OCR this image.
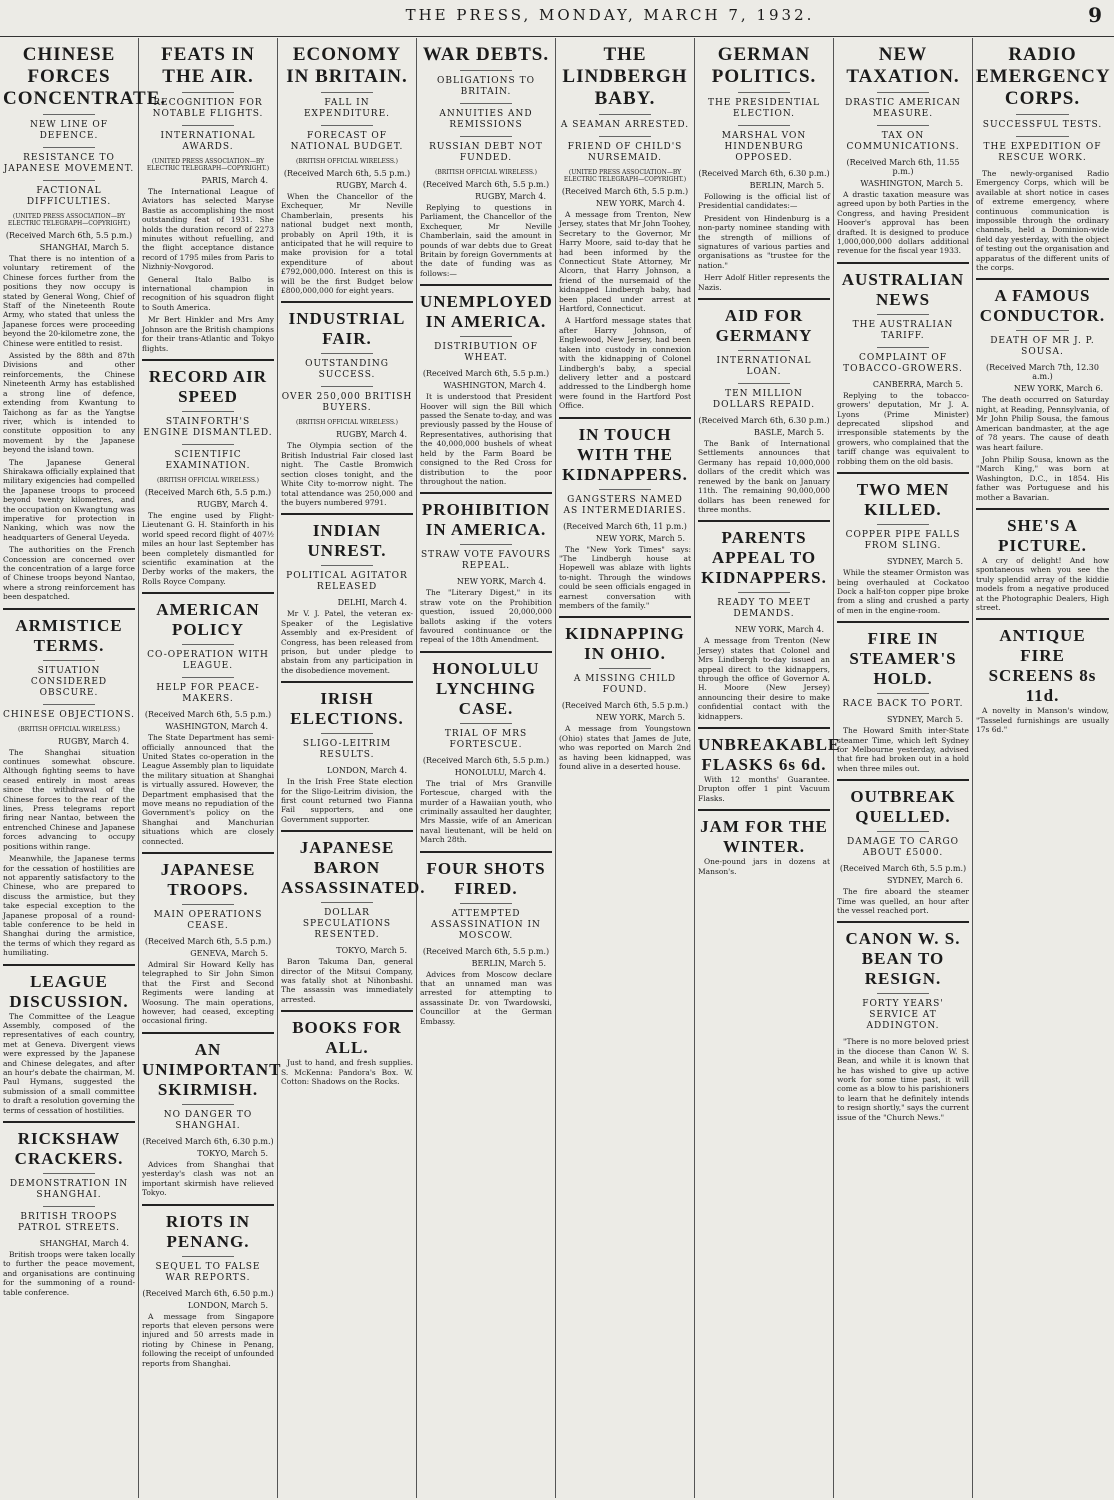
THE PRESS, MONDAY, MARCH 7, 1932.	9
CHINESE FORCES CONCENTRATE.
NEW LINE OF DEFENCE.
RESISTANCE TO JAPANESE MOVEMENT.
FACTIONAL DIFFICULTIES.
(UNITED PRESS ASSOCIATION—BY ELECTRIC TELEGRAPH—COPYRIGHT.)
(Received March 6th, 5.5 p.m.)
SHANGHAI, March 5.

That there is no intention of a voluntary retirement of the Chinese forces further from the positions they now occupy is stated by General Wong, Chief of Staff of the Nineteenth Route Army, who stated that unless the Japanese forces were proceeding beyond the 20-kilometre zone, the Chinese were entitled to resist.

Assisted by the 88th and 87th Divisions and other reinforcements, the Chinese Nineteenth Army has established a strong line of defence, extending from Kwantung to Taichong as far as the Yangtse river, which is intended to constitute opposition to any movement by the Japanese beyond the island town.

The Japanese General Shirakawa officially explained that military exigencies had compelled the Japanese troops to proceed beyond twenty kilometres, and the occupation on Kwangtung was imperative for protection in Nanking, which was now the headquarters of General Ueyeda.

The authorities on the French Concession are concerned over the concentration of a large force of Chinese troops beyond Nantao, where a strong reinforcement has been despatched.

ARMISTICE TERMS.
SITUATION CONSIDERED OBSCURE.
CHINESE OBJECTIONS.
(BRITISH OFFICIAL WIRELESS.)
RUGBY, March 4.

The Shanghai situation continues somewhat obscure. Although fighting seems to have ceased entirely in most areas since the withdrawal of the Chinese forces to the rear of the lines, Press telegrams report firing near Nantao, between the entrenched Chinese and Japanese forces advancing to occupy positions within range.

Meanwhile, the Japanese terms for the cessation of hostilities are not apparently satisfactory to the Chinese, who are prepared to discuss the armistice, but they take especial exception to the Japanese proposal of a round-table conference to be held in Shanghai during the armistice, the terms of which they regard as humiliating.

LEAGUE DISCUSSION.

The Committee of the League Assembly, composed of the representatives of each country, met at Geneva. Divergent views were expressed by the Japanese and Chinese delegates, and after an hour's debate the chairman, M. Paul Hymans, suggested the submission of a small committee to draft a resolution governing the terms of cessation of hostilities.

RICKSHAW CRACKERS.
DEMONSTRATION IN SHANGHAI.
BRITISH TROOPS PATROL STREETS.
SHANGHAI, March 4.

British troops were taken locally to further the peace movement, and organisations are continuing for the summoning of a round-table conference.

FEATS IN THE AIR.
RECOGNITION FOR NOTABLE FLIGHTS.
INTERNATIONAL AWARDS.
(UNITED PRESS ASSOCIATION—BY ELECTRIC TELEGRAPH—COPYRIGHT.)
PARIS, March 4.

The International League of Aviators has selected Maryse Bastie as accomplishing the most outstanding feat of 1931. She holds the duration record of 2273 minutes without refuelling, and the flight acceptance distance record of 1795 miles from Paris to Nizhniy-Novgorod.

General Italo Balbo is international champion in recognition of his squadron flight to South America.

Mr Bert Hinkler and Mrs Amy Johnson are the British champions for their trans-Atlantic and Tokyo flights.

RECORD AIR SPEED
STAINFORTH'S ENGINE DISMANTLED.
SCIENTIFIC EXAMINATION.
(BRITISH OFFICIAL WIRELESS.)
(Received March 6th, 5.5 p.m.)
RUGBY, March 4.

The engine used by Flight-Lieutenant G. H. Stainforth in his world speed record flight of 407½ miles an hour last September has been completely dismantled for scientific examination at the Derby works of the makers, the Rolls Royce Company.

AMERICAN POLICY
CO-OPERATION WITH LEAGUE.
HELP FOR PEACE-MAKERS.
(Received March 6th, 5.5 p.m.)
WASHINGTON, March 4.

The State Department has semi-officially announced that the United States co-operation in the League Assembly plan to liquidate the military situation at Shanghai is virtually assured. However, the Department emphasised that the move means no repudiation of the Government's policy on the Shanghai and Manchurian situations which are closely connected.

JAPANESE TROOPS.
MAIN OPERATIONS CEASE.
(Received March 6th, 5.5 p.m.)
GENEVA, March 5.

Admiral Sir Howard Kelly has telegraphed to Sir John Simon that the First and Second Regiments were landing at Woosung. The main operations, however, had ceased, excepting occasional firing.

AN UNIMPORTANT SKIRMISH.
NO DANGER TO SHANGHAI.
(Received March 6th, 6.30 p.m.)
TOKYO, March 5.

Advices from Shanghai that yesterday's clash was not an important skirmish have relieved Tokyo.

RIOTS IN PENANG.
SEQUEL TO FALSE WAR REPORTS.
(Received March 6th, 6.50 p.m.)
LONDON, March 5.

A message from Singapore reports that eleven persons were injured and 50 arrests made in rioting by Chinese in Penang, following the receipt of unfounded reports from Shanghai.

ECONOMY IN BRITAIN.
FALL IN EXPENDITURE.
FORECAST OF NATIONAL BUDGET.
(BRITISH OFFICIAL WIRELESS.)
(Received March 6th, 5.5 p.m.)
RUGBY, March 4.

When the Chancellor of the Exchequer, Mr Neville Chamberlain, presents his national budget next month, probably on April 19th, it is anticipated that he will require to make provision for a total expenditure of about £792,000,000. Interest on this is will be the first Budget below £800,000,000 for eight years.

INDUSTRIAL FAIR.
OUTSTANDING SUCCESS.
OVER 250,000 BRITISH BUYERS.
(BRITISH OFFICIAL WIRELESS.)
RUGBY, March 4.

The Olympia section of the British Industrial Fair closed last night. The Castle Bromwich section closes tonight, and the White City to-morrow night. The total attendance was 250,000 and the buyers numbered 9791.

INDIAN UNREST.
POLITICAL AGITATOR RELEASED
DELHI, March 4.

Mr V. J. Patel, the veteran ex-Speaker of the Legislative Assembly and ex-President of Congress, has been released from prison, but under pledge to abstain from any participation in the disobedience movement.

IRISH ELECTIONS.
SLIGO-LEITRIM RESULTS.
LONDON, March 4.

In the Irish Free State election for the Sligo-Leitrim division, the first count returned two Fianna Fail supporters, and one Government supporter.

JAPANESE BARON ASSASSINATED.
DOLLAR SPECULATIONS RESENTED.
TOKYO, March 5.

Baron Takuma Dan, general director of the Mitsui Company, was fatally shot at Nihonbashi. The assassin was immediately arrested.

BOOKS FOR ALL.

Just to hand, and fresh supplies. S. McKenna: Pandora's Box. W. Cotton: Shadows on the Rocks.

WAR DEBTS.
OBLIGATIONS TO BRITAIN.
ANNUITIES AND REMISSIONS
RUSSIAN DEBT NOT FUNDED.
(BRITISH OFFICIAL WIRELESS.)
(Received March 6th, 5.5 p.m.)
RUGBY, March 4.

Replying to questions in Parliament, the Chancellor of the Exchequer, Mr Neville Chamberlain, said the amount in pounds of war debts due to Great Britain by foreign Governments at the date of funding was as follows:—

UNEMPLOYED IN AMERICA.
DISTRIBUTION OF WHEAT.
(Received March 6th, 5.5 p.m.)
WASHINGTON, March 4.

It is understood that President Hoover will sign the Bill which passed the Senate to-day, and was previously passed by the House of Representatives, authorising that the 40,000,000 bushels of wheat held by the Farm Board be consigned to the Red Cross for distribution to the poor throughout the nation.

PROHIBITION IN AMERICA.
STRAW VOTE FAVOURS REPEAL.
NEW YORK, March 4.

The "Literary Digest," in its straw vote on the Prohibition question, issued 20,000,000 ballots asking if the voters favoured continuance or the repeal of the 18th Amendment.

HONOLULU LYNCHING CASE.
TRIAL OF MRS FORTESCUE.
(Received March 6th, 5.5 p.m.)
HONOLULU, March 4.

The trial of Mrs Granville Fortescue, charged with the murder of a Hawaiian youth, who criminally assaulted her daughter, Mrs Massie, wife of an American naval lieutenant, will be held on March 28th.

FOUR SHOTS FIRED.
ATTEMPTED ASSASSINATION IN MOSCOW.
(Received March 6th, 5.5 p.m.)
BERLIN, March 5.

Advices from Moscow declare that an unnamed man was arrested for attempting to assassinate Dr. von Twardowski, Councillor at the German Embassy.

THE LINDBERGH BABY.
A SEAMAN ARRESTED.
FRIEND OF CHILD'S NURSEMAID.
(UNITED PRESS ASSOCIATION—BY ELECTRIC TELEGRAPH—COPYRIGHT.)
(Received March 6th, 5.5 p.m.)
NEW YORK, March 4.

A message from Trenton, New Jersey, states that Mr John Toohey, Secretary to the Governor, Mr Harry Moore, said to-day that he had been informed by the Connecticut State Attorney, Mr Alcorn, that Harry Johnson, a friend of the nursemaid of the kidnapped Lindbergh baby, had been placed under arrest at Hartford, Connecticut.

A Hartford message states that after Harry Johnson, of Englewood, New Jersey, had been taken into custody in connexion with the kidnapping of Colonel Lindbergh's baby, a special delivery letter and a postcard addressed to the Lindbergh home were found in the Hartford Post Office.

IN TOUCH WITH THE KIDNAPPERS.
GANGSTERS NAMED AS INTERMEDIARIES.
(Received March 6th, 11 p.m.)
NEW YORK, March 5.

The "New York Times" says: "The Lindbergh house at Hopewell was ablaze with lights to-night. Through the windows could be seen officials engaged in earnest conversation with members of the family."

KIDNAPPING IN OHIO.
A MISSING CHILD FOUND.
(Received March 6th, 5.5 p.m.)
NEW YORK, March 5.

A message from Youngstown (Ohio) states that James de Jute, who was reported on March 2nd as having been kidnapped, was found alive in a deserted house.

GERMAN POLITICS.
THE PRESIDENTIAL ELECTION.
MARSHAL VON HINDENBURG OPPOSED.
(Received March 6th, 6.30 p.m.)
BERLIN, March 5.

Following is the official list of Presidential candidates:—

President von Hindenburg is a non-party nominee standing with the strength of millions of signatures of various parties and organisations as "trustee for the nation."

Herr Adolf Hitler represents the Nazis.

AID FOR GERMANY
INTERNATIONAL LOAN.
TEN MILLION DOLLARS REPAID.
(Received March 6th, 6.30 p.m.)
BASLE, March 5.

The Bank of International Settlements announces that Germany has repaid 10,000,000 dollars of the credit which was renewed by the bank on January 11th. The remaining 90,000,000 dollars has been renewed for three months.

PARENTS APPEAL TO KIDNAPPERS.
READY TO MEET DEMANDS.
NEW YORK, March 4.

A message from Trenton (New Jersey) states that Colonel and Mrs Lindbergh to-day issued an appeal direct to the kidnappers, through the office of Governor A. H. Moore (New Jersey) announcing their desire to make confidential contact with the kidnappers.

UNBREAKABLE FLASKS 6s 6d.

With 12 months' Guarantee. Drupton offer 1 pint Vacuum Flasks.

JAM FOR THE WINTER.

One-pound jars in dozens at Manson's.

NEW TAXATION.
DRASTIC AMERICAN MEASURE.
TAX ON COMMUNICATIONS.
(Received March 6th, 11.55 p.m.)
WASHINGTON, March 5.

A drastic taxation measure was agreed upon by both Parties in the Congress, and having President Hoover's approval has been drafted. It is designed to produce 1,000,000,000 dollars additional revenue for the fiscal year 1933.

AUSTRALIAN NEWS
THE AUSTRALIAN TARIFF.
COMPLAINT OF TOBACCO-GROWERS.
CANBERRA, March 5.

Replying to the tobacco-growers' deputation, Mr J. A. Lyons (Prime Minister) deprecated slipshod and irresponsible statements by the growers, who complained that the tariff change was equivalent to robbing them on the old basis.

TWO MEN KILLED.
COPPER PIPE FALLS FROM SLING.
SYDNEY, March 5.

While the steamer Ormiston was being overhauled at Cockatoo Dock a half-ton copper pipe broke from a sling and crushed a party of men in the engine-room.

FIRE IN STEAMER'S HOLD.
RACE BACK TO PORT.
SYDNEY, March 5.

The Howard Smith inter-State steamer Time, which left Sydney for Melbourne yesterday, advised that fire had broken out in a hold when three miles out.

OUTBREAK QUELLED.
DAMAGE TO CARGO ABOUT £5000.
(Received March 6th, 5.5 p.m.)
SYDNEY, March 6.

The fire aboard the steamer Time was quelled, an hour after the vessel reached port.

CANON W. S. BEAN TO RESIGN.
FORTY YEARS' SERVICE AT ADDINGTON.

"There is no more beloved priest in the diocese than Canon W. S. Bean, and while it is known that he has wished to give up active work for some time past, it will come as a blow to his parishioners to learn that he definitely intends to resign shortly," says the current issue of the "Church News."

RADIO EMERGENCY CORPS.
SUCCESSFUL TESTS.
THE EXPEDITION OF RESCUE WORK.

The newly-organised Radio Emergency Corps, which will be available at short notice in cases of extreme emergency, where continuous communication is impossible through the ordinary channels, held a Dominion-wide field day yesterday, with the object of testing out the organisation and apparatus of the different units of the corps.

A FAMOUS CONDUCTOR.
DEATH OF MR J. P. SOUSA.
(Received March 7th, 12.30 a.m.)
NEW YORK, March 6.

The death occurred on Saturday night, at Reading, Pennsylvania, of Mr John Philip Sousa, the famous American bandmaster, at the age of 78 years. The cause of death was heart failure.

John Philip Sousa, known as the "March King," was born at Washington, D.C., in 1854. His father was Portuguese and his mother a Bavarian.

SHE'S A PICTURE.

A cry of delight! And how spontaneous when you see the truly splendid array of the kiddie models from a negative produced at the Photographic Dealers, High street.

ANTIQUE FIRE SCREENS 8s 11d.

A novelty in Manson's window, "Tasseled furnishings are usually 17s 6d."
